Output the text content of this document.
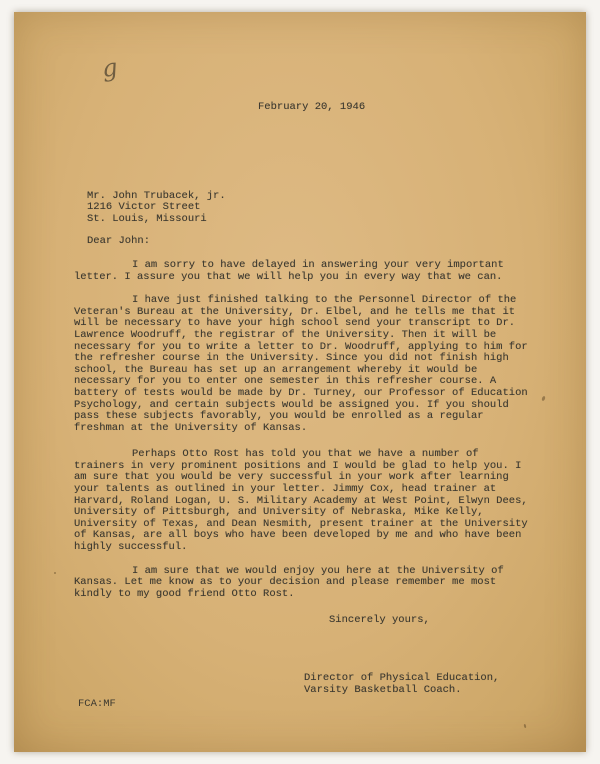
g
February 20, 1946
Mr. John Trubacek, jr.
1216 Victor Street
St. Louis, Missouri
Dear John:
I am sorry to have delayed in answering your very important letter. I assure you that we will help you in every way that we can.
I have just finished talking to the Personnel Director of the Veteran's Bureau at the University, Dr. Elbel, and he tells me that it will be necessary to have your high school send your transcript to Dr. Lawrence Woodruff, the registrar of the University. Then it will be necessary for you to write a letter to Dr. Woodruff, applying to him for the refresher course in the University. Since you did not finish high school, the Bureau has set up an arrangement whereby it would be necessary for you to enter one semester in this refresher course. A battery of tests would be made by Dr. Turney, our Professor of Education Psychology, and certain subjects would be assigned you. If you should pass these subjects favorably, you would be enrolled as a regular freshman at the University of Kansas.
Perhaps Otto Rost has told you that we have a number of trainers in very prominent positions and I would be glad to help you. I am sure that you would be very successful in your work after learning your talents as outlined in your letter. Jimmy Cox, head trainer at Harvard, Roland Logan, U. S. Military Academy at West Point, Elwyn Dees, University of Pittsburgh, and University of Nebraska, Mike Kelly, University of Texas, and Dean Nesmith, present trainer at the University of Kansas, are all boys who have been developed by me and who have been highly successful.
I am sure that we would enjoy you here at the University of Kansas. Let me know as to your decision and please remember me most kindly to my good friend Otto Rost.
Sincerely yours,
Director of Physical Education,
Varsity Basketball Coach.
FCA:MF
